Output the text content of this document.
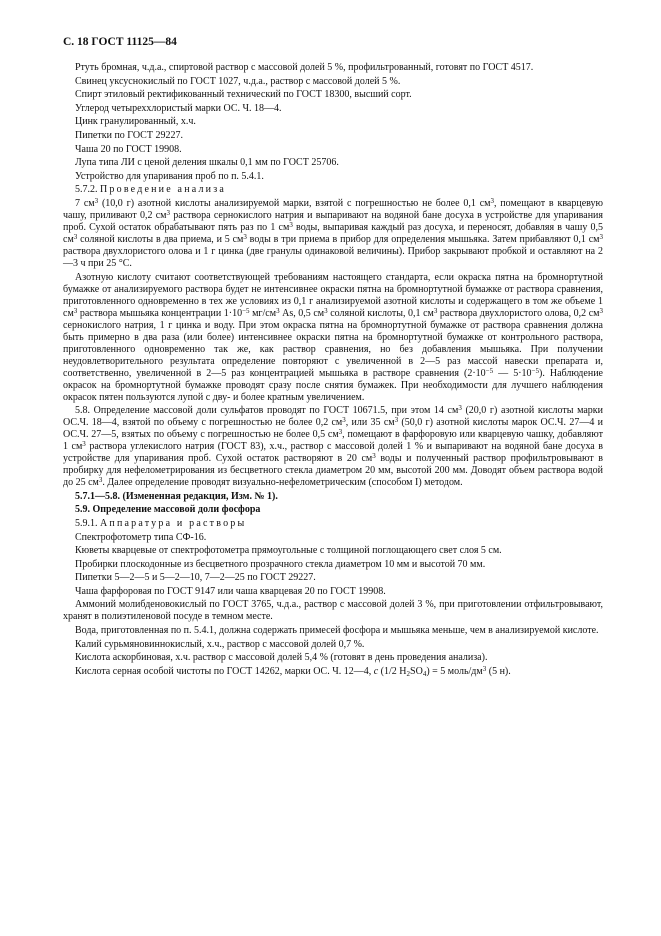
С. 18 ГОСТ 11125—84

Ртуть бромная, ч.д.а., спиртовой раствор с массовой долей 5 %, профильтрованный, готовят по ГОСТ 4517.

Свинец уксуснокислый по ГОСТ 1027, ч.д.а., раствор с массовой долей 5 %.

Спирт этиловый ректификованный технический по ГОСТ 18300, высший сорт.

Углерод четыреххлористый марки ОС. Ч. 18—4.

Цинк гранулированный, х.ч.

Пипетки по ГОСТ 29227.

Чаша 20 по ГОСТ 19908.

Лупа типа ЛИ с ценой деления шкалы 0,1 мм по ГОСТ 25706.

Устройство для упаривания проб по п. 5.4.1.

5.7.2. Проведение анализа

7 $см^3$ (10,0 г) азотной кислоты анализируемой марки, взятой с погрешностью не более 0,1 $см^3$, помещают в кварцевую чашу, приливают 0,2 $см^3$ раствора сернокислого натрия и выпаривают на водяной бане досуха в устройстве для упаривания проб. Сухой остаток обрабатывают пять раз по 1 $см^3$ воды, выпаривая каждый раз досуха, и переносят, добавляя в чашу 0,5 $см^3$ соляной кислоты в два приема, и 5 $см^3$ воды в три приема в прибор для определения мышьяка. Затем прибавляют 0,1 $см^3$ раствора двухлористого олова и 1 г цинка (две гранулы одинаковой величины). Прибор закрывают пробкой и оставляют на 2—3 ч при 25 °С.

Азотную кислоту считают соответствующей требованиям настоящего стандарта, если окраска пятна на бромнортутной бумажке от анализируемого раствора будет не интенсивнее окраски пятна на бромнортутной бумажке от раствора сравнения, приготовленного одновременно в тех же условиях из 0,1 г анализируемой азотной кислоты и содержащего в том же объеме 1 $см^3$ раствора мышьяка концентрации $1\cdot 10^{-5}$ $мг/см^3$ As, 0,5 $см^3$ соляной кислоты, 0,1 $см^3$ раствора двухлористого олова, 0,2 $см^3$ сернокислого натрия, 1 г цинка и воду. При этом окраска пятна на бромнортутной бумажке от раствора сравнения должна быть примерно в два раза (или более) интенсивнее окраски пятна на бромнортутной бумажке от контрольного раствора, приготовленного одновременно так же, как раствор сравнения, но без добавления мышьяка. При получении неудовлетворительного результата определение повторяют с увеличенной в 2—5 раз массой навески препарата и, соответственно, увеличенной в 2—5 раз концентрацией мышьяка в растворе сравнения ($2\cdot 10^{-5}$ — $5\cdot 10^{-5}$). Наблюдение окрасок на бромнортутной бумажке проводят сразу после снятия бумажек. При необходимости для лучшего наблюдения окрасок пятен пользуются лупой с дву- и более кратным увеличением.

5.8. Определение массовой доли сульфатов проводят по ГОСТ 10671.5, при этом 14 $см^3$ (20,0 г) азотной кислоты марки ОС.Ч. 18—4, взятой по объему с погрешностью не более 0,2 $см^3$, или 35 $см^3$ (50,0 г) азотной кислоты марок ОС.Ч. 27—4 и ОС.Ч. 27—5, взятых по объему с погрешностью не более 0,5 $см^3$, помещают в фарфоровую или кварцевую чашку, добавляют 1 $см^3$ раствора углекислого натрия (ГОСТ 83), х.ч., раствор с массовой долей 1 % и выпаривают на водяной бане досуха в устройстве для упаривания проб. Сухой остаток растворяют в 20 $см^3$ воды и полученный раствор профильтровывают в пробирку для нефелометрирования из бесцветного стекла диаметром 20 мм, высотой 200 мм. Доводят объем раствора водой до 25 $см^3$. Далее определение проводят визуально-нефелометрическим (способом I) методом.

5.7.1—5.8. (Измененная редакция, Изм. № 1).

5.9. Определение массовой доли фосфора

5.9.1. Аппаратура и растворы

Спектрофотометр типа СФ-16.

Кюветы кварцевые от спектрофотометра прямоугольные с толщиной поглощающего свет слоя 5 см.

Пробирки плоскодонные из бесцветного прозрачного стекла диаметром 10 мм и высотой 70 мм.

Пипетки 5—2—5 и 5—2—10, 7—2—25 по ГОСТ 29227.

Чаша фарфоровая по ГОСТ 9147 или чаша кварцевая 20 по ГОСТ 19908.

Аммоний молибденовокислый по ГОСТ 3765, ч.д.а., раствор с массовой долей 3 %, при приготовлении отфильтровывают, хранят в полиэтиленовой посуде в темном месте.

Вода, приготовленная по п. 5.4.1, должна содержать примесей фосфора и мышьяка меньше, чем в анализируемой кислоте.

Калий сурьмяновиннокислый, х.ч., раствор с массовой долей 0,7 %.

Кислота аскорбиновая, х.ч. раствор с массовой долей 5,4 % (готовят в день проведения анализа).

Кислота серная особой чистоты по ГОСТ 14262, марки ОС. Ч. 12—4, c (1/2 $H_2SO_4) = 5$ моль/$дм^3$ (5 н).
